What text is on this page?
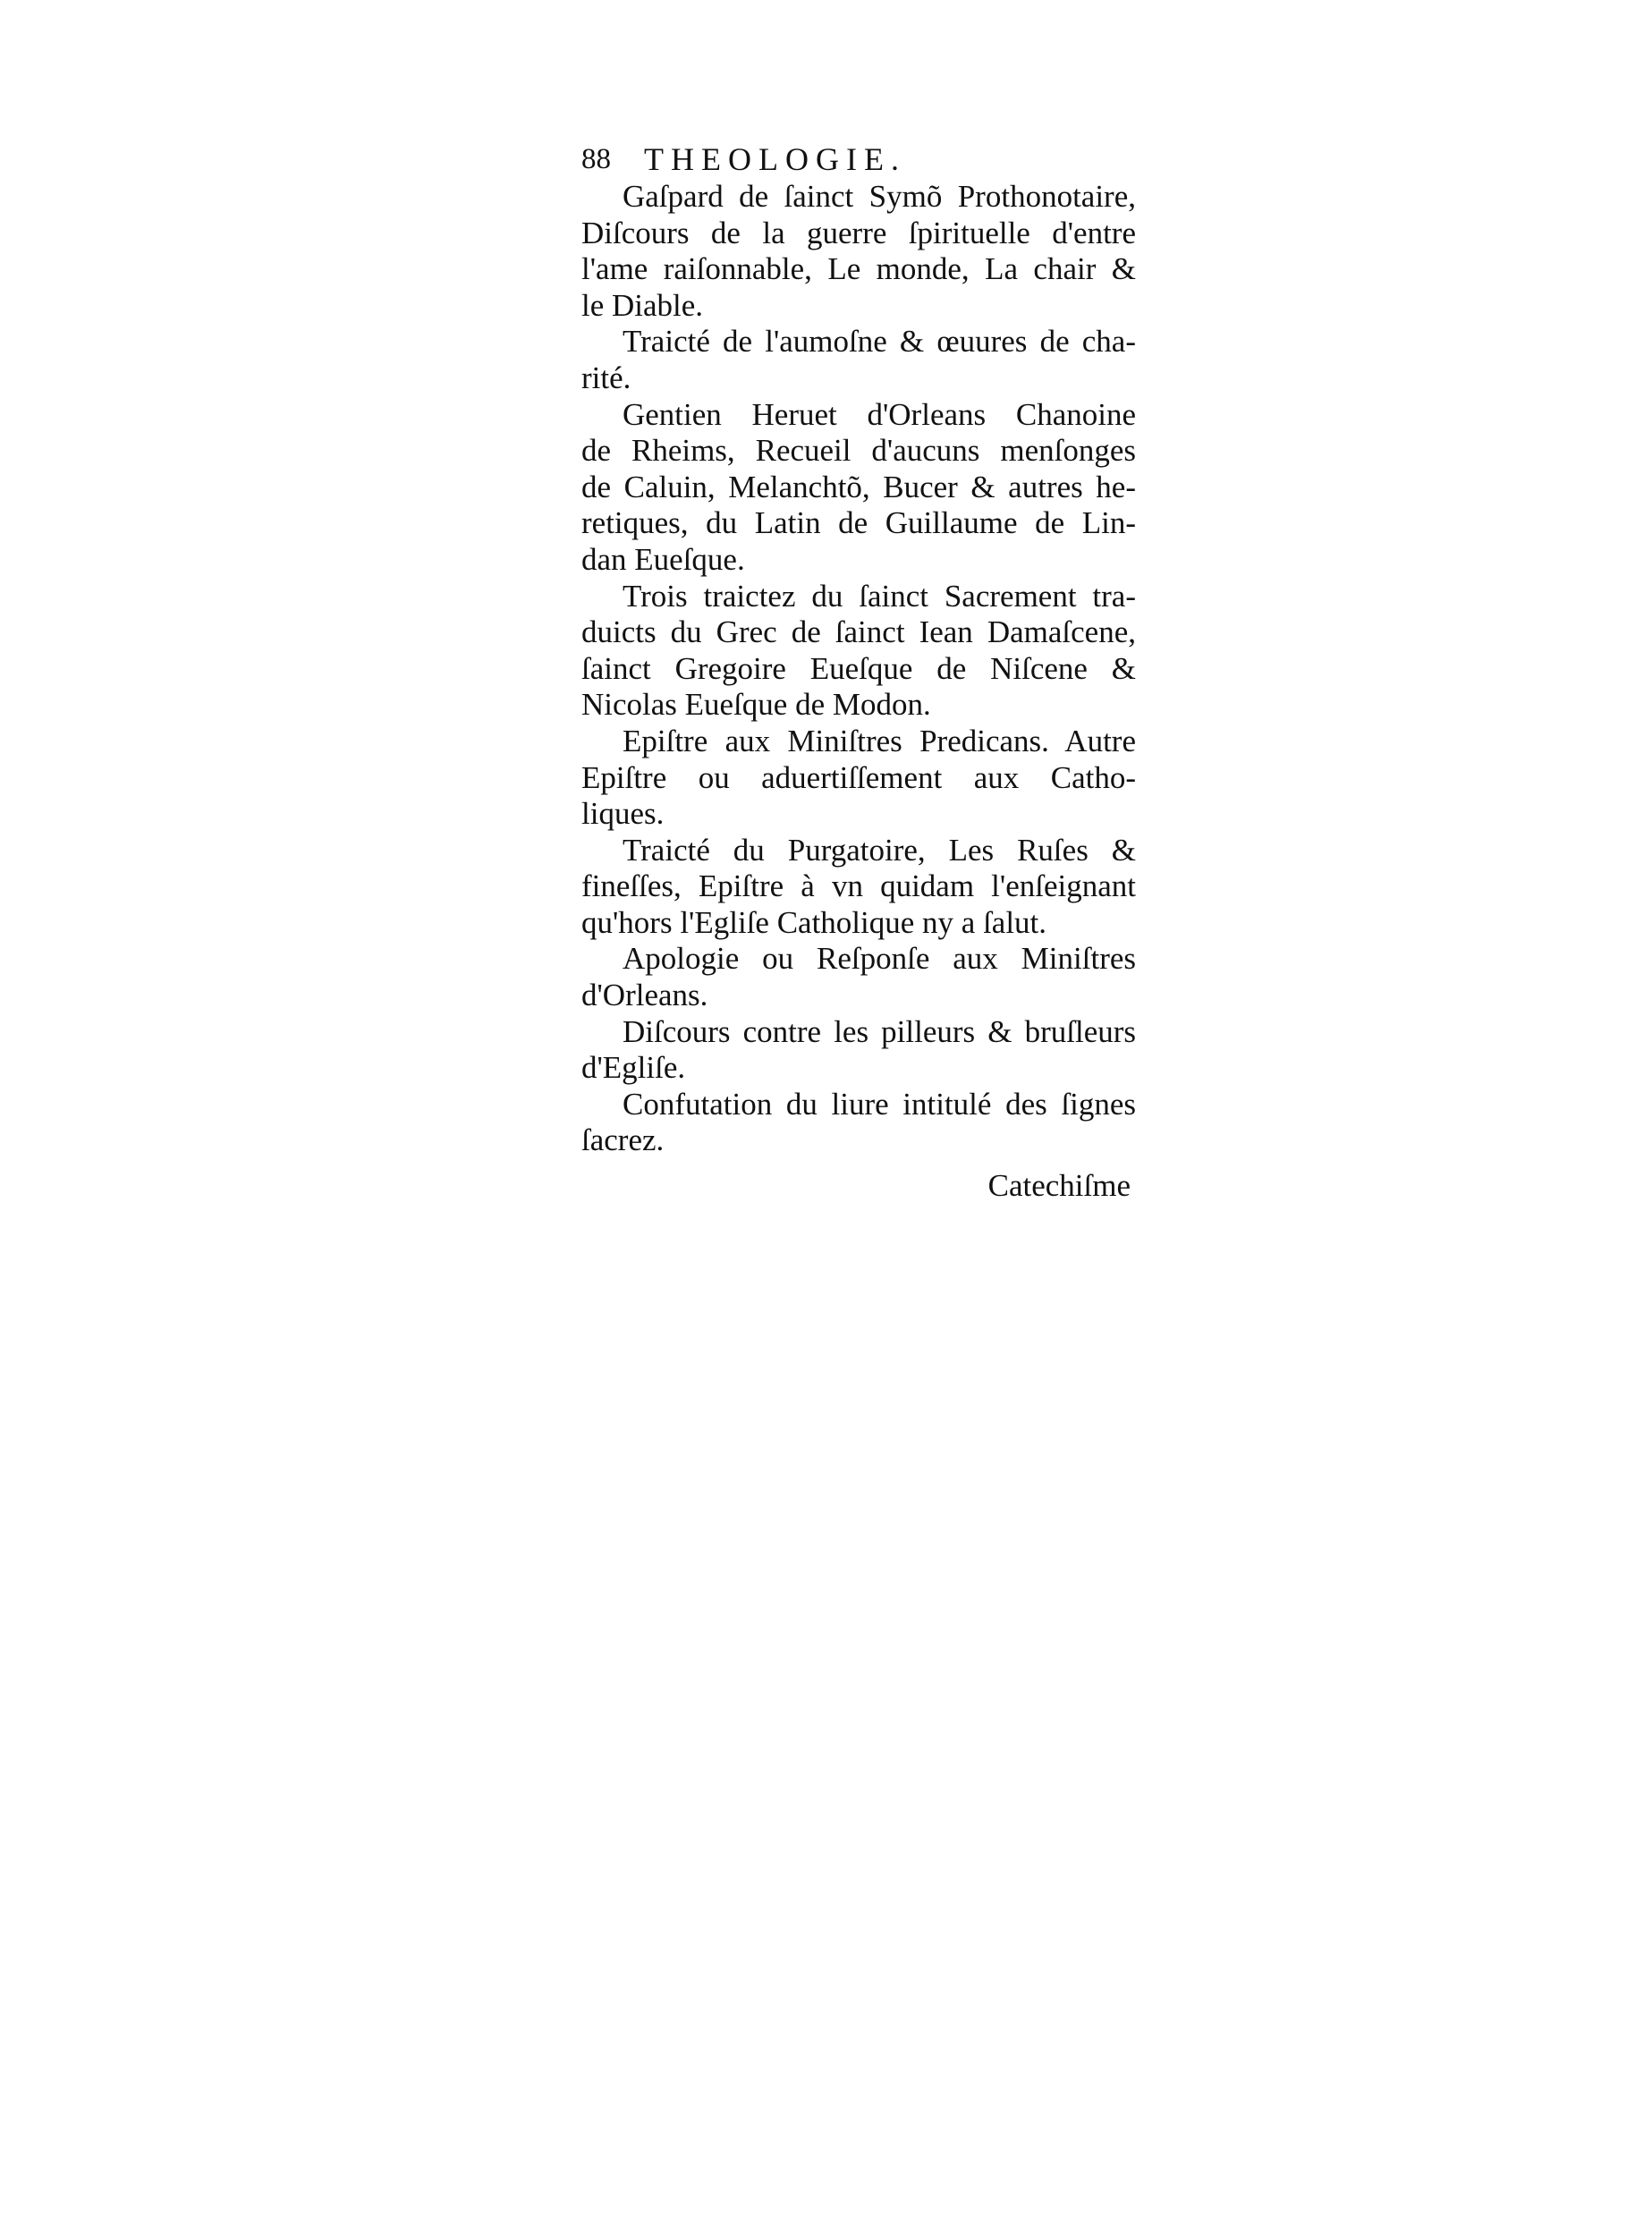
88 THEOLOGIE.
Gaſpard de ſainct Symõ Prothonotaire,
Diſcours de la guerre ſpirituelle d'entre
l'ame raiſonnable, Le monde, La chair &
le Diable.
Traicté de l'aumoſne & œuures de cha-
rité.
Gentien Heruet d'Orleans Chanoine
de Rheims, Recueil d'aucuns menſonges
de Caluin, Melanchtõ, Bucer & autres he-
retiques, du Latin de Guillaume de Lin-
dan Eueſque.
Trois traictez du ſainct Sacrement tra-
duicts du Grec de ſainct Iean Damaſcene,
ſainct Gregoire Eueſque de Niſcene &
Nicolas Eueſque de Modon.
Epiſtre aux Miniſtres Predicans. Autre
Epiſtre ou aduertiſſement aux Catho-
liques.
Traicté du Purgatoire, Les Ruſes &
fineſſes, Epiſtre à vn quidam l'enſeignant
qu'hors l'Egliſe Catholique ny a ſalut.
Apologie ou Reſponſe aux Miniſtres
d'Orleans.
Diſcours contre les pilleurs & bruſleurs
d'Egliſe.
Confutation du liure intitulé des ſignes
ſacrez.
Catechiſme
